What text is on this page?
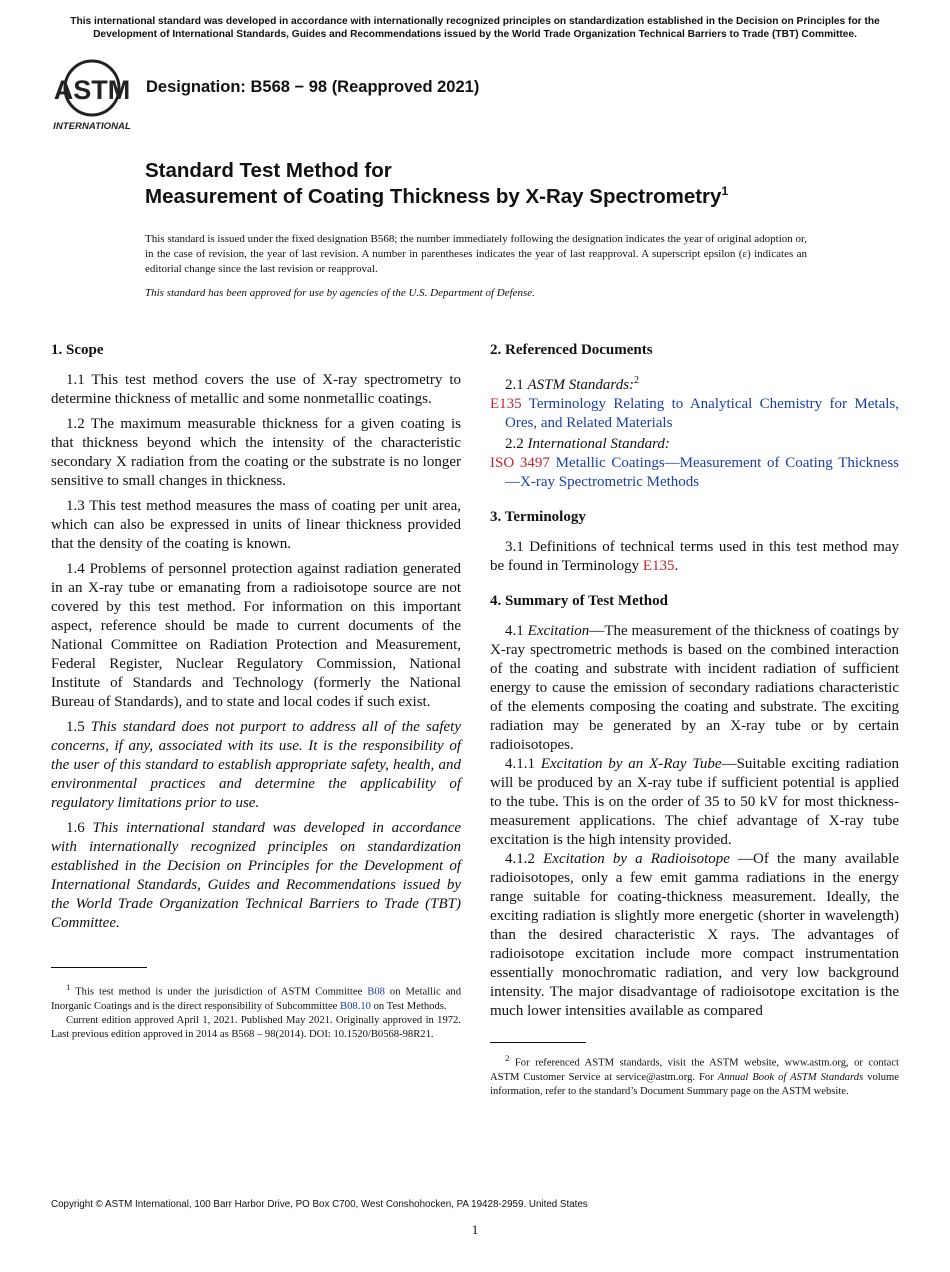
This international standard was developed in accordance with internationally recognized principles on standardization established in the Decision on Principles for the Development of International Standards, Guides and Recommendations issued by the World Trade Organization Technical Barriers to Trade (TBT) Committee.
ASTM
INTERNATIONAL
Designation: B568 − 98 (Reapproved 2021)
Standard Test Method for
Measurement of Coating Thickness by X-Ray Spectrometry$^1$
This standard is issued under the fixed designation B568; the number immediately following the designation indicates the year of original adoption or, in the case of revision, the year of last revision. A number in parentheses indicates the year of last reapproval. A superscript epsilon (ε) indicates an editorial change since the last revision or reapproval.
This standard has been approved for use by agencies of the U.S. Department of Defense.
1. Scope

1.1 This test method covers the use of X-ray spectrometry to determine thickness of metallic and some nonmetallic coatings.

1.2 The maximum measurable thickness for a given coating is that thickness beyond which the intensity of the characteristic secondary X radiation from the coating or the substrate is no longer sensitive to small changes in thickness.

1.3 This test method measures the mass of coating per unit area, which can also be expressed in units of linear thickness provided that the density of the coating is known.

1.4 Problems of personnel protection against radiation generated in an X-ray tube or emanating from a radioisotope source are not covered by this test method. For information on this important aspect, reference should be made to current documents of the National Committee on Radiation Protection and Measurement, Federal Register, Nuclear Regulatory Commission, National Institute of Standards and Technology (formerly the National Bureau of Standards), and to state and local codes if such exist.

1.5 This standard does not purport to address all of the safety concerns, if any, associated with its use. It is the responsibility of the user of this standard to establish appropriate safety, health, and environmental practices and determine the applicability of regulatory limitations prior to use.

1.6 This international standard was developed in accordance with internationally recognized principles on standardization established in the Decision on Principles for the Development of International Standards, Guides and Recommendations issued by the World Trade Organization Technical Barriers to Trade (TBT) Committee.

$^1$ This test method is under the jurisdiction of ASTM Committee B08 on Metallic and Inorganic Coatings and is the direct responsibility of Subcommittee B08.10 on Test Methods.

Current edition approved April 1, 2021. Published May 2021. Originally approved in 1972. Last previous edition approved in 2014 as B568 – 98(2014). DOI: 10.1520/B0568-98R21.

2. Referenced Documents

2.1 ASTM Standards:$^2$

E135 Terminology Relating to Analytical Chemistry for Metals, Ores, and Related Materials

2.2 International Standard:

ISO 3497 Metallic Coatings—Measurement of Coating Thickness—X-ray Spectrometric Methods
3. Terminology

3.1 Definitions of technical terms used in this test method may be found in Terminology E135.

4. Summary of Test Method

4.1 Excitation—The measurement of the thickness of coatings by X-ray spectrometric methods is based on the combined interaction of the coating and substrate with incident radiation of sufficient energy to cause the emission of secondary radiations characteristic of the elements composing the coating and substrate. The exciting radiation may be generated by an X-ray tube or by certain radioisotopes.

4.1.1 Excitation by an X-Ray Tube—Suitable exciting radiation will be produced by an X-ray tube if sufficient potential is applied to the tube. This is on the order of 35 to 50 kV for most thickness-measurement applications. The chief advantage of X-ray tube excitation is the high intensity provided.

4.1.2 Excitation by a Radioisotope —Of the many available radioisotopes, only a few emit gamma radiations in the energy range suitable for coating-thickness measurement. Ideally, the exciting radiation is slightly more energetic (shorter in wavelength) than the desired characteristic X rays. The advantages of radioisotope excitation include more compact instrumentation essentially monochromatic radiation, and very low background intensity. The major disadvantage of radioisotope excitation is the much lower intensities available as compared

$^2$ For referenced ASTM standards, visit the ASTM website, www.astm.org, or contact ASTM Customer Service at service@astm.org. For Annual Book of ASTM Standards volume information, refer to the standard’s Document Summary page on the ASTM website.

Copyright © ASTM International, 100 Barr Harbor Drive, PO Box C700, West Conshohocken, PA 19428-2959. United States
1
